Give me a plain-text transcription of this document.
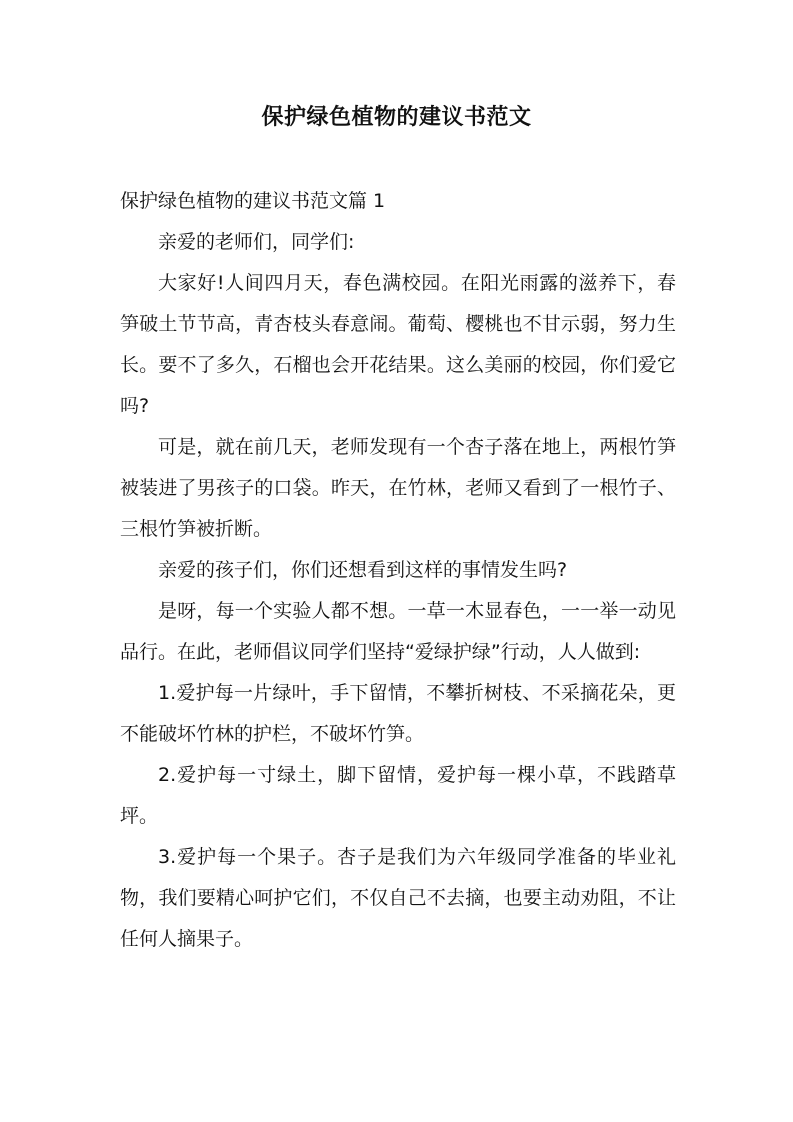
保护绿色植物的建议书范文

保护绿色植物的建议书范文篇 1

亲爱的老师们，同学们:

大家好!人间四月天，春色满校园。在阳光雨露的滋养下，春笋破土节节高，青杏枝头春意闹。葡萄、樱桃也不甘示弱，努力生长。要不了多久，石榴也会开花结果。这么美丽的校园，你们爱它吗?

可是，就在前几天，老师发现有一个杏子落在地上，两根竹笋被装进了男孩子的口袋。昨天，在竹林，老师又看到了一根竹子、三根竹笋被折断。

亲爱的孩子们，你们还想看到这样的事情发生吗?

是呀，每一个实验人都不想。一草一木显春色，一一举一动见品行。在此，老师倡议同学们坚持“爱绿护绿”行动，人人做到:

1.爱护每一片绿叶，手下留情，不攀折树枝、不采摘花朵，更不能破坏竹林的护栏，不破坏竹笋。

2.爱护每一寸绿土，脚下留情，爱护每一棵小草，不践踏草坪。

3.爱护每一个果子。杏子是我们为六年级同学准备的毕业礼物，我们要精心呵护它们，不仅自己不去摘，也要主动劝阻，不让任何人摘果子。
